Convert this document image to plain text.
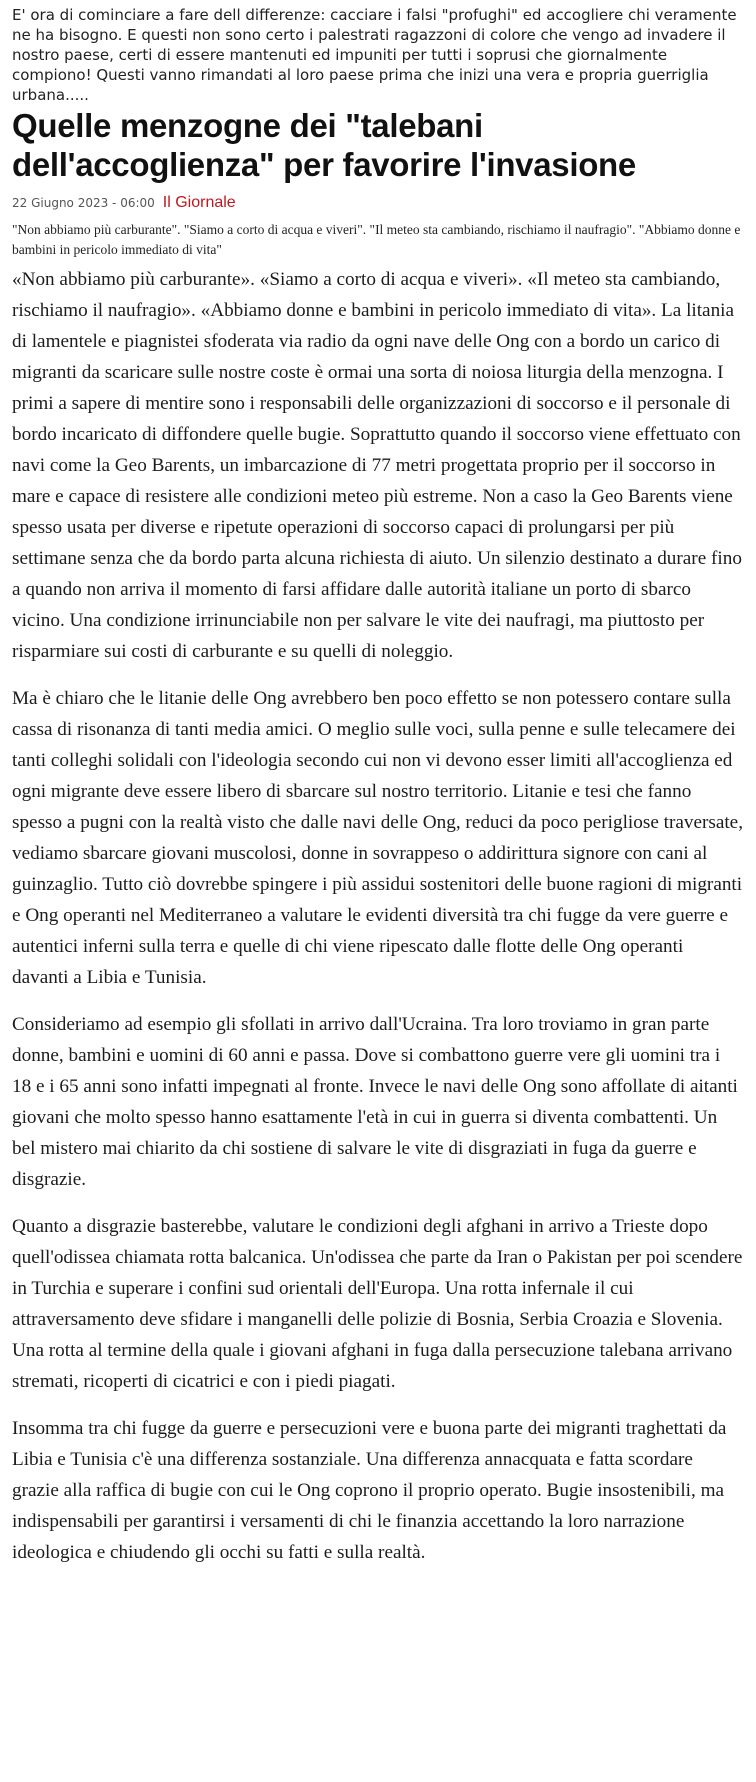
E' ora di cominciare a fare dell differenze: cacciare i falsi "profughi" ed accogliere chi veramente ne ha bisogno. E questi non sono certo i palestrati ragazzoni di colore che vengo ad invadere il nostro paese, certi di essere mantenuti ed impuniti per tutti i soprusi che giornalmente compiono! Questi vanno rimandati al loro paese prima che inizi una vera e propria guerriglia urbana.....
Quelle menzogne dei "talebani dell'accoglienza" per favorire l'invasione
22 Giugno 2023 - 06:00 Il Giornale
"Non abbiamo più carburante". "Siamo a corto di acqua e viveri". "Il meteo sta cambiando, rischiamo il naufragio". "Abbiamo donne e bambini in pericolo immediato di vita"

«Non abbiamo più carburante». «Siamo a corto di acqua e viveri». «Il meteo sta cambiando, rischiamo il naufragio». «Abbiamo donne e bambini in pericolo immediato di vita». La litania di lamentele e piagnistei sfoderata via radio da ogni nave delle Ong con a bordo un carico di migranti da scaricare sulle nostre coste è ormai una sorta di noiosa liturgia della menzogna. I primi a sapere di mentire sono i responsabili delle organizzazioni di soccorso e il personale di bordo incaricato di diffondere quelle bugie. Soprattutto quando il soccorso viene effettuato con navi come la Geo Barents, un imbarcazione di 77 metri progettata proprio per il soccorso in mare e capace di resistere alle condizioni meteo più estreme. Non a caso la Geo Barents viene spesso usata per diverse e ripetute operazioni di soccorso capaci di prolungarsi per più settimane senza che da bordo parta alcuna richiesta di aiuto. Un silenzio destinato a durare fino a quando non arriva il momento di farsi affidare dalle autorità italiane un porto di sbarco vicino. Una condizione irrinunciabile non per salvare le vite dei naufragi, ma piuttosto per risparmiare sui costi di carburante e su quelli di noleggio.

Ma è chiaro che le litanie delle Ong avrebbero ben poco effetto se non potessero contare sulla cassa di risonanza di tanti media amici. O meglio sulle voci, sulla penne e sulle telecamere dei tanti colleghi solidali con l'ideologia secondo cui non vi devono esser limiti all'accoglienza ed ogni migrante deve essere libero di sbarcare sul nostro territorio. Litanie e tesi che fanno spesso a pugni con la realtà visto che dalle navi delle Ong, reduci da poco perigliose traversate, vediamo sbarcare giovani muscolosi, donne in sovrappeso o addirittura signore con cani al guinzaglio. Tutto ciò dovrebbe spingere i più assidui sostenitori delle buone ragioni di migranti e Ong operanti nel Mediterraneo a valutare le evidenti diversità tra chi fugge da vere guerre e autentici inferni sulla terra e quelle di chi viene ripescato dalle flotte delle Ong operanti davanti a Libia e Tunisia.

Consideriamo ad esempio gli sfollati in arrivo dall'Ucraina. Tra loro troviamo in gran parte donne, bambini e uomini di 60 anni e passa. Dove si combattono guerre vere gli uomini tra i 18 e i 65 anni sono infatti impegnati al fronte. Invece le navi delle Ong sono affollate di aitanti giovani che molto spesso hanno esattamente l'età in cui in guerra si diventa combattenti. Un bel mistero mai chiarito da chi sostiene di salvare le vite di disgraziati in fuga da guerre e disgrazie.

Quanto a disgrazie basterebbe, valutare le condizioni degli afghani in arrivo a Trieste dopo quell'odissea chiamata rotta balcanica. Un'odissea che parte da Iran o Pakistan per poi scendere in Turchia e superare i confini sud orientali dell'Europa. Una rotta infernale il cui attraversamento deve sfidare i manganelli delle polizie di Bosnia, Serbia Croazia e Slovenia. Una rotta al termine della quale i giovani afghani in fuga dalla persecuzione talebana arrivano stremati, ricoperti di cicatrici e con i piedi piagati.

Insomma tra chi fugge da guerre e persecuzioni vere e buona parte dei migranti traghettati da Libia e Tunisia c'è una differenza sostanziale. Una differenza annacquata e fatta scordare grazie alla raffica di bugie con cui le Ong coprono il proprio operato. Bugie insostenibili, ma indispensabili per garantirsi i versamenti di chi le finanzia accettando la loro narrazione ideologica e chiudendo gli occhi su fatti e sulla realtà.
